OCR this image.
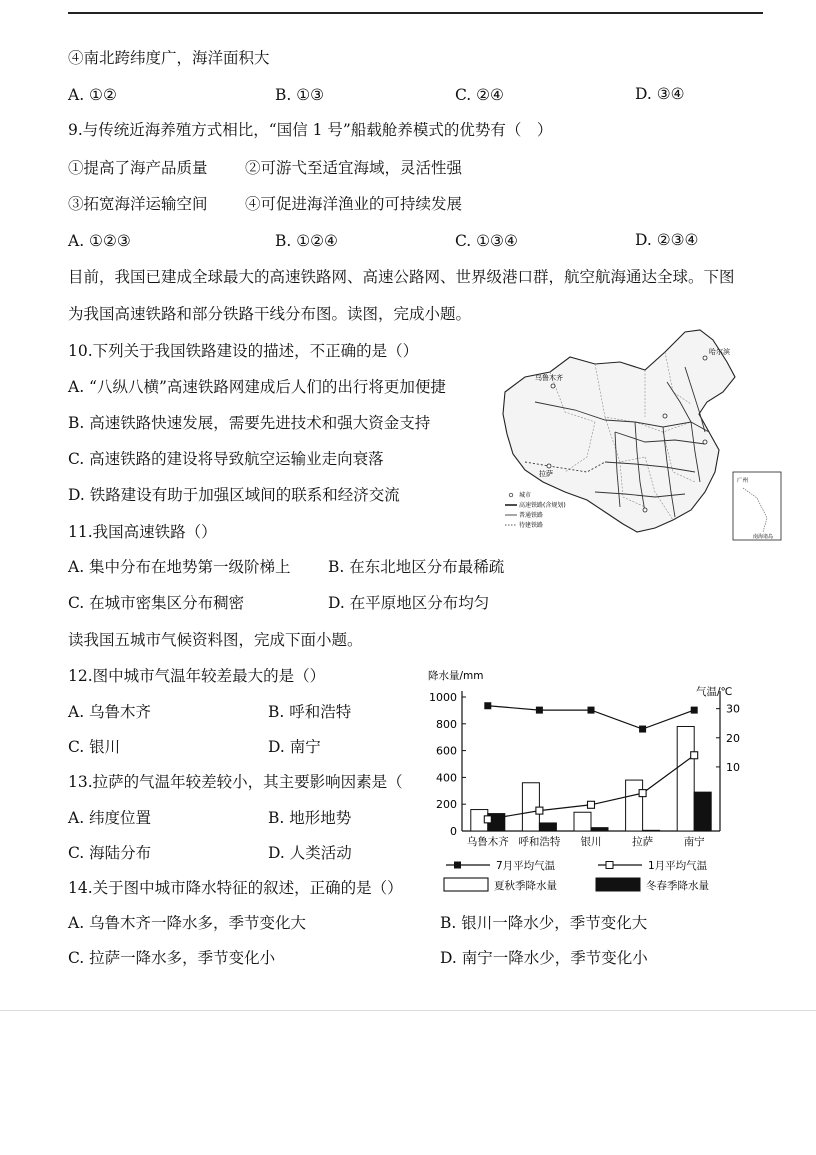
④南北跨纬度广，海洋面积大
A. ①②	B. ①③	C. ②④	D. ③④
9.与传统近海养殖方式相比，“国信 1 号”船载舱养模式的优势有（　）
①提高了海产品质量 ②可游弋至适宜海域，灵活性强
③拓宽海洋运输空间 ④可促进海洋渔业的可持续发展
A. ①②③	B. ①②④	C. ①③④	D. ②③④
目前，我国已建成全球最大的高速铁路网、高速公路网、世界级港口群，航空航海通达全球。下图
为我国高速铁路和部分铁路干线分布图。读图，完成小题。
10.下列关于我国铁路建设的描述，不正确的是（）
A. “八纵八横”高速铁路网建成后人们的出行将更加便捷
B. 高速铁路快速发展，需要先进技术和强大资金支持
C. 高速铁路的建设将导致航空运输业走向衰落
D. 铁路建设有助于加强区域间的联系和经济交流
11.我国高速铁路（）
A. 集中分布在地势第一级阶梯上 B. 在东北地区分布最稀疏
C. 在城市密集区分布稠密	D. 在平原地区分布均匀
读我国五城市气候资料图，完成下面小题。
12.图中城市气温年较差最大的是（）
A. 乌鲁木齐	B. 呼和浩特
C. 银川	D. 南宁
13.拉萨的气温年较差较小，其主要影响因素是（
A. 纬度位置	B. 地形地势
C. 海陆分布	D. 人类活动
14.关于图中城市降水特征的叙述，正确的是（）
A. 乌鲁木齐一降水多，季节变化大	B. 银川一降水少，季节变化大
C. 拉萨一降水多，季节变化小	D. 南宁一降水少，季节变化小
哈尔滨
乌鲁木齐
拉萨
城市
高速铁路(含规划)
普通铁路
待建铁路
广州
南海诸岛
降水量/mm
气温/℃
0
200
400
600
800
1000
10
20
30
乌鲁木齐 呼和浩特 银川	拉萨	南宁
7月平均气温	1月平均气温
夏秋季降水量	冬春季降水量
